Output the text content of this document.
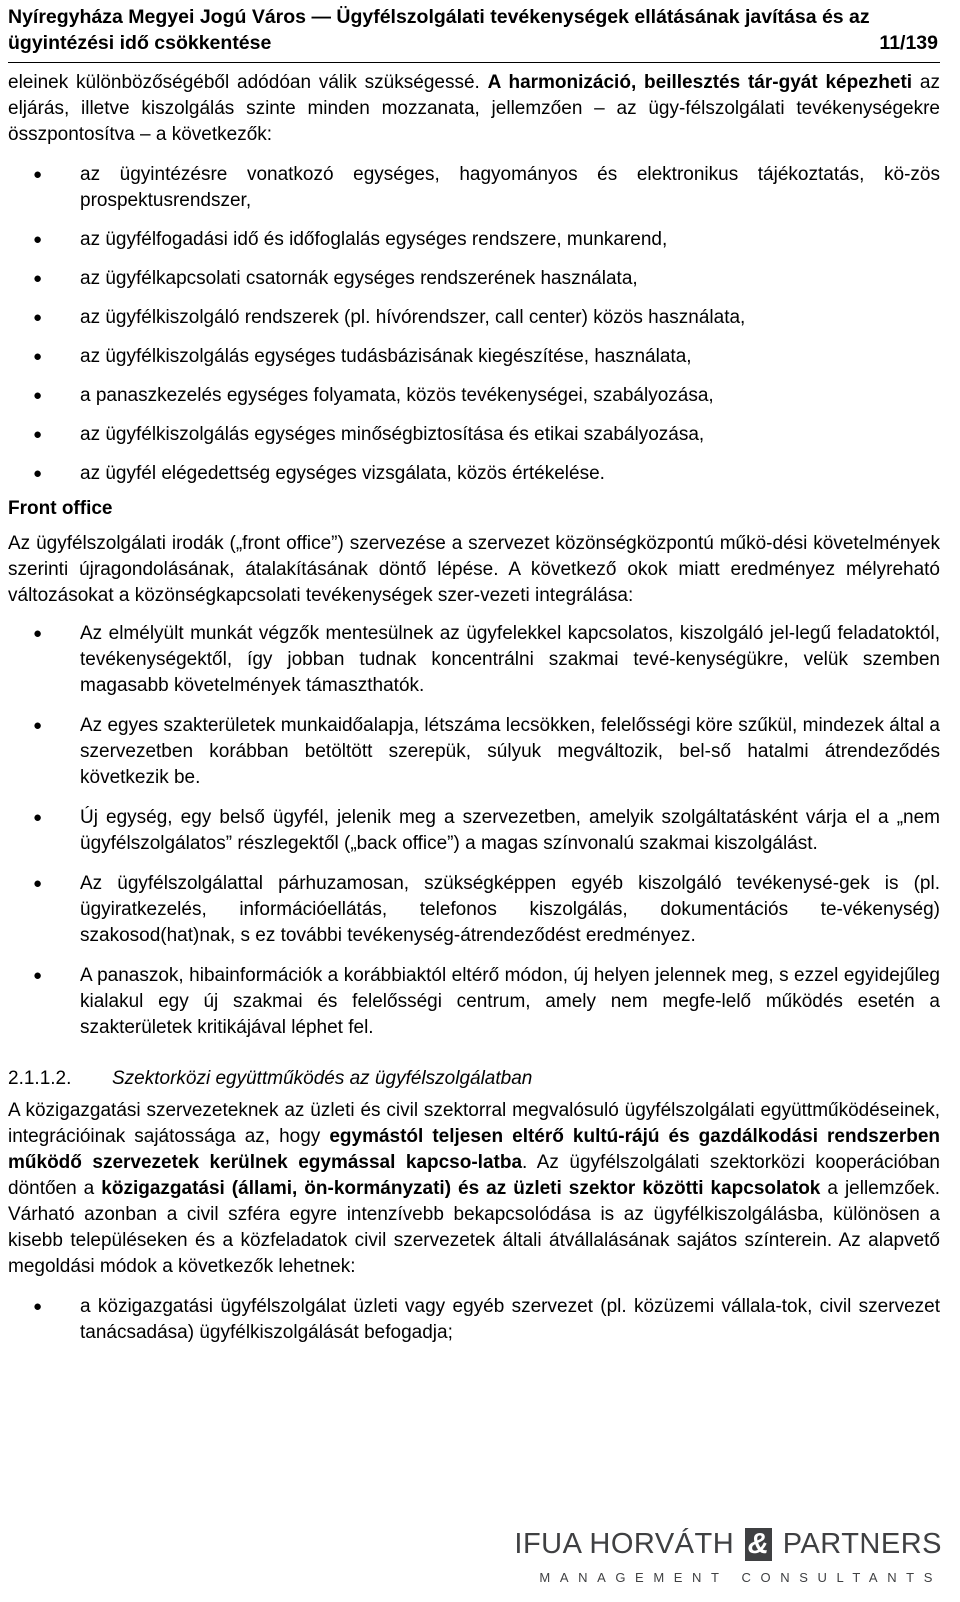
Nyíregyháza Megyei Jogú Város — Ügyfélszolgálati tevékenységek ellátásának javítása és az
ügyintézési idő csökkentése	11/139

eleinek különbözőségéből adódóan válik szükségessé. A harmonizáció, beillesztés tár-gyát képezheti az eljárás, illetve kiszolgálás szinte minden mozzanata, jellemzően – az ügy-félszolgálati tevékenységekre összpontosítva – a következők:

● az ügyintézésre vonatkozó egységes, hagyományos és elektronikus tájékoztatás, kö-zös prospektusrendszer,
● az ügyfélfogadási idő és időfoglalás egységes rendszere, munkarend,
● az ügyfélkapcsolati csatornák egységes rendszerének használata,
● az ügyfélkiszolgáló rendszerek (pl. hívórendszer, call center) közös használata,
● az ügyfélkiszolgálás egységes tudásbázisának kiegészítése, használata,
● a panaszkezelés egységes folyamata, közös tevékenységei, szabályozása,
● az ügyfélkiszolgálás egységes minőségbiztosítása és etikai szabályozása,
● az ügyfél elégedettség egységes vizsgálata, közös értékelése.
Front office

Az ügyfélszolgálati irodák („front office”) szervezése a szervezet közönségközpontú műkö-dési követelmények szerinti újragondolásának, átalakításának döntő lépése. A következő okok miatt eredményez mélyreható változásokat a közönségkapcsolati tevékenységek szer-vezeti integrálása:

● Az elmélyült munkát végzők mentesülnek az ügyfelekkel kapcsolatos, kiszolgáló jel-legű feladatoktól, tevékenységektől, így jobban tudnak koncentrálni szakmai tevé-kenységükre, velük szemben magasabb követelmények támaszthatók.
● Az egyes szakterületek munkaidőalapja, létszáma lecsökken, felelősségi köre szűkül, mindezek által a szervezetben korábban betöltött szerepük, súlyuk megváltozik, bel-ső hatalmi átrendeződés következik be.
● Új egység, egy belső ügyfél, jelenik meg a szervezetben, amelyik szolgáltatásként várja el a „nem ügyfélszolgálatos” részlegektől („back office”) a magas színvonalú szakmai kiszolgálást.
● Az ügyfélszolgálattal párhuzamosan, szükségképpen egyéb kiszolgáló tevékenysé-gek is (pl. ügyiratkezelés, információellátás, telefonos kiszolgálás, dokumentációs te-vékenység) szakosod(hat)nak, s ez további tevékenység-átrendeződést eredményez.
● A panaszok, hibainformációk a korábbiaktól eltérő módon, új helyen jelennek meg, s ezzel egyidejűleg kialakul egy új szakmai és felelősségi centrum, amely nem megfe-lelő működés esetén a szakterületek kritikájával léphet fel.
2.1.1.2.	Szektorközi együttműködés az ügyfélszolgálatban

A közigazgatási szervezeteknek az üzleti és civil szektorral megvalósuló ügyfélszolgálati együttműködéseinek, integrációinak sajátossága az, hogy egymástól teljesen eltérő kultú-rájú és gazdálkodási rendszerben működő szervezetek kerülnek egymással kapcso-latba. Az ügyfélszolgálati szektorközi kooperációban döntően a közigazgatási (állami, ön-kormányzati) és az üzleti szektor közötti kapcsolatok a jellemzőek. Várható azonban a civil szféra egyre intenzívebb bekapcsolódása is az ügyfélkiszolgálásba, különösen a kisebb településeken és a közfeladatok civil szervezetek általi átvállalásának sajátos színterein. Az alapvető megoldási módok a következők lehetnek:

● a közigazgatási ügyfélszolgálat üzleti vagy egyéb szervezet (pl. közüzemi vállala-tok, civil szervezet tanácsadása) ügyfélkiszolgálását befogadja;
IFUA HORVÁTH & PARTNERS
MANAGEMENT CONSULTANTS
